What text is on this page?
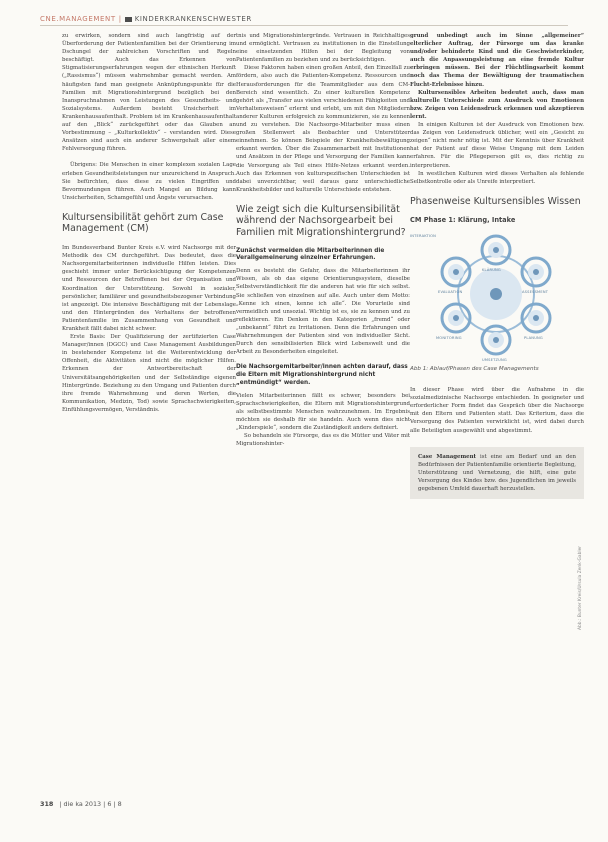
CNE.MANAGEMENT | KINDERKRANKENSCHWESTER

zu erwirken, sondern sind auch langfristig auf der Überforderung der Patientenfamilien bei der Orientierung im Dschungel der zahlreichen Vorschriften und Regeln beschäftigt. Auch das Erkennen von Stigmatisierungserfahrungen wegen der ethnischen Herkunft („Rassismus“) müssen wahrnehmbar gemacht werden. Am häufigsten fand man geeignete Anknüpfungspunkte für die Familien mit Migrationshintergrund bezüglich bei den Inanspruchnahmen von Leistungen des Gesundheits- und Sozialsystems. Außerdem besteht Unsicherheit im Krankenhausaufenthalt. Problem ist im Krankenhausaufenthalt auf den „Blick“ zurückgeführt oder das Glauben an Vorbestimmung – „Kulturkollektiv“ – verstanden wird. Diese Ansätzen sind auch ein anderer Schwergehalt aller einem Fehlversorgung führen.

Übrigens: Die Menschen in einer komplexen sozialen Lage erleben Gesundheitsleistungen nur unzureichend in Anspruch. Sie befürchten, dass diese zu vielen Eingriffen und Bevormundungen führen. Auch Mangel an Bildung kann Unsicherheiten, Schamgefühl und Ängste verursachen.

Kultursensibilität gehört zum Case Management (CM)

Im Bundesverband Bunter Kreis e.V. wird Nachsorge mit der Methodik des CM durchgeführt. Das bedeutet, dass die Nachsorgemitarbeiterinnen individuelle Hilfen leisten. Dies geschieht immer unter Berücksichtigung der Kompetenzen und Ressourcen der Betroffenen bei der Organisation und Koordination der Unterstützung. Sowohl in sozialer, persönlicher, familiärer und gesundheitsbezogener Verbindung ist angezeigt. Die intensive Beschäftigung mit der Lebenslage und den Hintergründen des Verhaltens der betroffenen Patientenfamilie im Zusammenhang von Gesundheit und Krankheit fällt dabei nicht schwer.

Erste Basis: Der Qualifizierung der zertifizierten Case Manager/innen (DGCC) und Case Management Ausbildungen in bestehender Kompetenz ist die Weiterentwicklung der Offenheit, die Aktivitäten sind nicht die möglicher Hilfen. Erkennen der Antwortbereitschaft der Universitätsangehörigkeiten und der Selbständige eigenen Hintergründe. Beziehung zu den Umgang und Patienten durch ihre fremde Wahrnehmung und deren Werten, die Kommunikation, Medizin, Tod) sowie Sprachschwierigkeiten, Einfühlungsvermögen, Verständnis.

tnis und Migrationshintergründe. Vertrauen in Reichhaltiges und ermöglicht. Vertrauen zu institutionen in die Einstellung eine einsetzenden Hilfen bei der Begleitung von Patientenfamilien zu beziehen und zu berücksichtigen.

Diese Faktoren haben einen großen Anteil, den Einzelfall zu fördern, also auch die Patienten-Kompetenz. Ressourcen und Herausforderungen für die Teammitglieder aus dem CM-Bereich sind wesentlich. Zu einer kulturellen Kompetenz gehört als „Transfer aus vielen verschiedenen Fähigkeiten und Verhaltensweisen“ erlernt und erlebt, um mit den Mitgliedern anderer Kulturen erfolgreich zu kommunizieren, sie zu kennen und zu verstehen. Die Nachsorge-Mitarbeiter muss einen großen Stellenwert als Beobachter und Unterstützer einnehmen. So können Beispiele der Krankheitsbewältigung erkannt werden. Über die Zusammenarbeit mit Institutionen und Ansätzen in der Pflege und Versorgung der Familien kann die Versorgung als Teil eines Hilfe-Netzes erkannt werden. Auch das Erkennen von kulturspezifischen Unterschieden ist dabei unverzichtbar, weil daraus ganz unterschiedliche Krankheitsbilder und kulturelle Unterschiede entstehen.

Wie zeigt sich die Kultursensibilität während der Nachsorgearbeit bei Familien mit Migrationshintergrund?
Zunächst vermeiden die Mitarbeiterinnen die Verallgemeinerung einzelner Erfahrungen.

Denn es besteht die Gefahr, dass die Mitarbeiterinnen ihr Wissen, als ob das eigene Orientierungssystem, dieselbe Selbstverständlichkeit für die anderen hat wie für sich selbst. Sie schließen von einzelnen auf alle. Auch unter dem Motto: „Kenne ich einen, kenne ich alle“. Die Vorurteile sind vermeidlich und unsozial. Wichtig ist es, sie zu kennen und zu reflektieren. Ein Denken in den Kategorien „fremd“ oder „unbekannt“ führt zu Irritationen. Denn die Erfahrungen und Wahrnehmungen der Patienten sind von individueller Sicht. Durch den sensibilisierten Blick wird Lebenswelt und die Arbeit zu Besonderheiten eingeleitet.

Die Nachsorgemitarbeiter/innen achten darauf, dass die Eltern mit Migrationshintergrund nicht „entmündigt“ werden.

Vielen Mitarbeiterinnen fällt es schwer, besonders bei Sprachschwierigkeiten, die Eltern mit Migrationshintergrund als selbstbestimmte Menschen wahrzunehmen. Im Ergebnis möchten sie deshalb für sie handeln. Auch wenn dies nicht „Kinderspiele“, sondern die Zuständigkeit anders definiert.

So behandeln sie Fürsorge, das es die Mütter und Väter mit Migrationshinter-

grund unbedingt auch im Sinne „allgemeiner“ elterlicher Auftrag, der Fürsorge um das kranke und/oder behinderte Kind und die Geschwisterkinder, auch die Anpassungsleistung an eine fremde Kultur erbringen müssen. Bei der Flüchtlingsarbeit kommt noch das Thema der Bewältigung der traumatischen Flucht-Erlebnisse hinzu.

Kultursensibles Arbeiten bedeutet auch, dass man kulturelle Unterschiede zum Ausdruck von Emotionen bzw. Zeigen von Leidensdruck erkennen und akzeptieren lernt.

In einigen Kulturen ist der Ausdruck von Emotionen bzw. das Zeigen von Leidensdruck üblicher, weil ein „Gesicht zu zeigen“ nicht mehr nötig ist. Mit der Kenntnis über Krankheit hat der Patient auf diese Weise Umgang mit dem Leiden erfahren. Für die Pflegeperson gilt es, dies richtig zu interpretieren.

In westlichen Kulturen wird dieses Verhalten als fehlende Selbstkontrolle oder als Unreife interpretiert.

Phasenweise Kultursensibles Wissen
CM Phase 1: Klärung, Intake
INTERAKTION
KLÄRUNG
ASSESSMENT
PLANUNG
UMSETZUNG
MONITORING
EVALUATION
Abb 1: Ablauf/Phasen des Case Managements

In dieser Phase wird über die Aufnahme in die sozialmedizinische Nachsorge entschieden. In geeigneter und erforderlicher Form findet das Gespräch über die Nachsorge mit den Eltern und Patienten statt. Das Kriterium, dass die Versorgung des Patienten verwirklicht ist, wird dabei durch alle Beteiligten ausgewählt und abgestimmt.

Case Management ist eine am Bedarf und an den Bedürfnissen der Patientenfamilie orientierte Begleitung, Unterstützung und Vernetzung, die hilft, eine gute Versorgung des Kindes bzw. des Jugendlichen im jeweils gegebenen Umfeld dauerhaft herzustellen.
Abb.: Bunter Kreis/Ursula Zenk-Gabler
318 | die ka 2013 | 6 | 8
